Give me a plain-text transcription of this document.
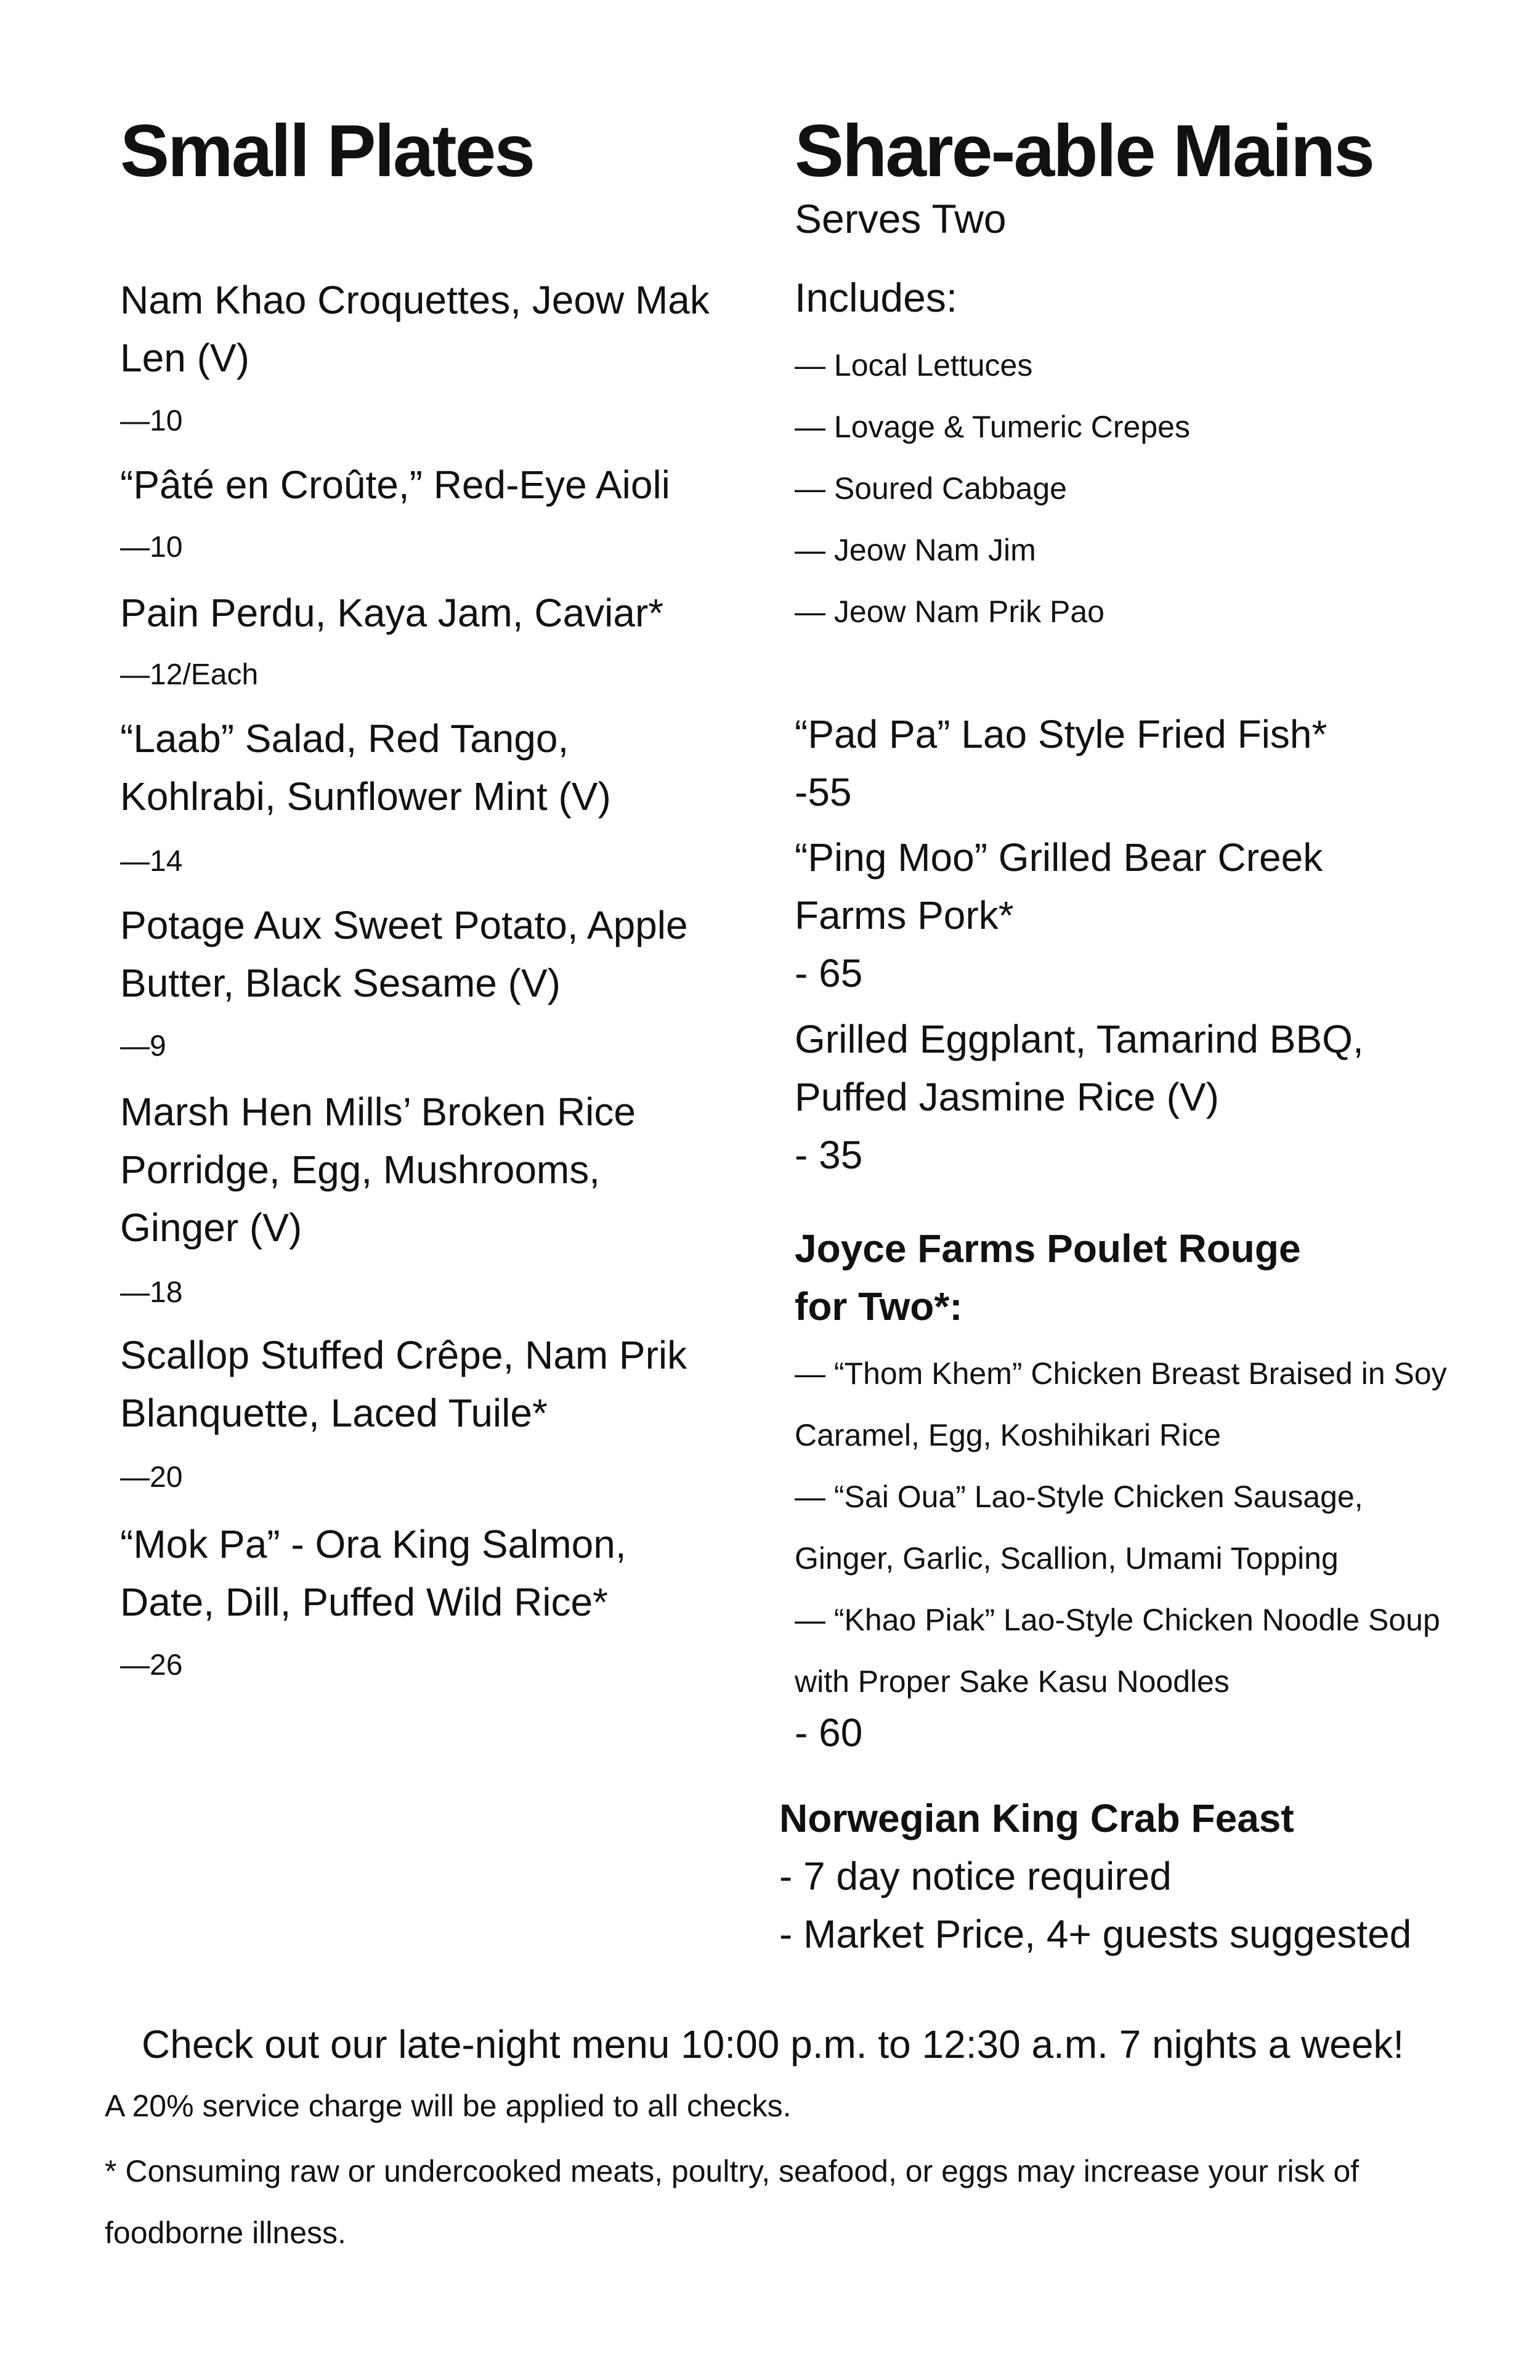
Small Plates
Nam Khao Croquettes, Jeow Mak Len (V)
—10
“Pâté en Croûte,” Red-Eye Aioli
—10
Pain Perdu, Kaya Jam, Caviar*
—12/Each
“Laab” Salad, Red Tango, Kohlrabi, Sunflower Mint (V)
—14
Potage Aux Sweet Potato, Apple Butter, Black Sesame (V)
—9
Marsh Hen Mills’ Broken Rice Porridge, Egg, Mushrooms, Ginger (V)
—18
Scallop Stuffed Crêpe, Nam Prik Blanquette, Laced Tuile*
—20
“Mok Pa” - Ora King Salmon, Date, Dill, Puffed Wild Rice*
—26
Share-able Mains
Serves Two
Includes:
— Local Lettuces
— Lovage & Tumeric Crepes
— Soured Cabbage
— Jeow Nam Jim
— Jeow Nam Prik Pao
“Pad Pa” Lao Style Fried Fish*
-55
“Ping Moo” Grilled Bear Creek Farms Pork*
- 65
Grilled Eggplant, Tamarind BBQ, Puffed Jasmine Rice (V)
- 35
Joyce Farms Poulet Rouge
for Two*:
— “Thom Khem” Chicken Breast Braised in Soy Caramel, Egg, Koshihikari Rice
— “Sai Oua” Lao-Style Chicken Sausage, Ginger, Garlic, Scallion, Umami Topping
— “Khao Piak” Lao-Style Chicken Noodle Soup with Proper Sake Kasu Noodles
- 60
Norwegian King Crab Feast
- 7 day notice required
- Market Price, 4+ guests suggested
Check out our late-night menu 10:00 p.m. to 12:30 a.m. 7 nights a week!
A 20% service charge will be applied to all checks.
* Consuming raw or undercooked meats, poultry, seafood, or eggs may increase your risk of foodborne illness.
